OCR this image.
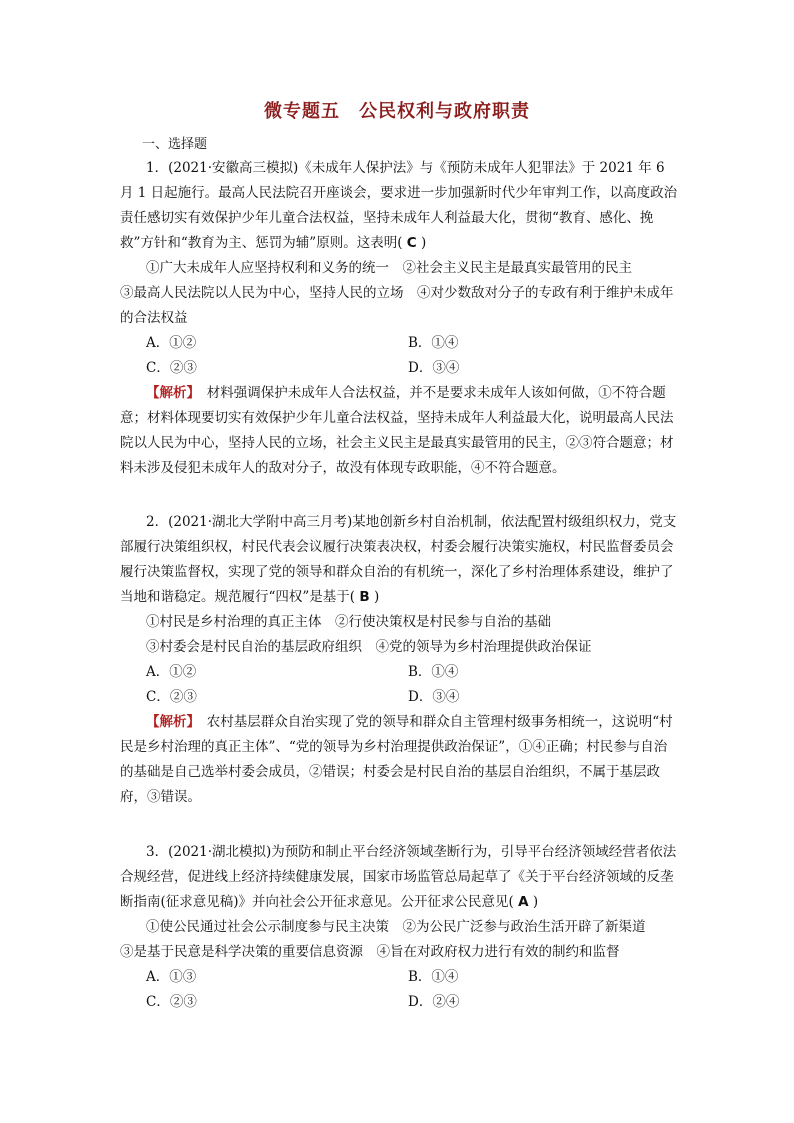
微专题五　公民权利与政府职责
一、选择题

1．(2021·安徽高三模拟)《未成年人保护法》与《预防未成年人犯罪法》于 2021 年 6 月 1 日起施行。最高人民法院召开座谈会，要求进一步加强新时代少年审判工作，以高度政治责任感切实有效保护少年儿童合法权益，坚持未成年人利益最大化，贯彻“教育、感化、挽救”方针和“教育为主、惩罚为辅”原则。这表明( C )

①广大未成年人应坚持权利和义务的统一　②社会主义民主是最真实最管用的民主

③最高人民法院以人民为中心，坚持人民的立场　④对少数敌对分子的专政有利于维护未成年的合法权益

A．①②	B．①④
C．②③	D．③④

【解析】　 材料强调保护未成年人合法权益，并不是要求未成年人该如何做，①不符合题意；材料体现要切实有效保护少年儿童合法权益，坚持未成年人利益最大化，说明最高人民法院以人民为中心，坚持人民的立场，社会主义民主是最真实最管用的民主，②③符合题意；材料未涉及侵犯未成年人的敌对分子，故没有体现专政职能，④不符合题意。

2．(2021·湖北大学附中高三月考)某地创新乡村自治机制，依法配置村级组织权力，党支部履行决策组织权，村民代表会议履行决策表决权，村委会履行决策实施权，村民监督委员会履行决策监督权，实现了党的领导和群众自治的有机统一，深化了乡村治理体系建设，维护了当地和谐稳定。规范履行“四权”是基于( B )

①村民是乡村治理的真正主体　②行使决策权是村民参与自治的基础

③村委会是村民自治的基层政府组织　④党的领导为乡村治理提供政治保证

A．①②	B．①④
C．②③	D．③④

【解析】　 农村基层群众自治实现了党的领导和群众自主管理村级事务相统一，这说明“村民是乡村治理的真正主体”、“党的领导为乡村治理提供政治保证”，①④正确；村民参与自治的基础是自己选举村委会成员，②错误；村委会是村民自治的基层自治组织，不属于基层政府，③错误。

3．(2021·湖北模拟)为预防和制止平台经济领域垄断行为，引导平台经济领域经营者依法合规经营，促进线上经济持续健康发展，国家市场监管总局起草了《关于平台经济领域的反垄断指南(征求意见稿)》并向社会公开征求意见。公开征求公民意见( A )

①使公民通过社会公示制度参与民主决策　②为公民广泛参与政治生活开辟了新渠道

③是基于民意是科学决策的重要信息资源　④旨在对政府权力进行有效的制约和监督

A．①③	B．①④
C．②③	D．②④
